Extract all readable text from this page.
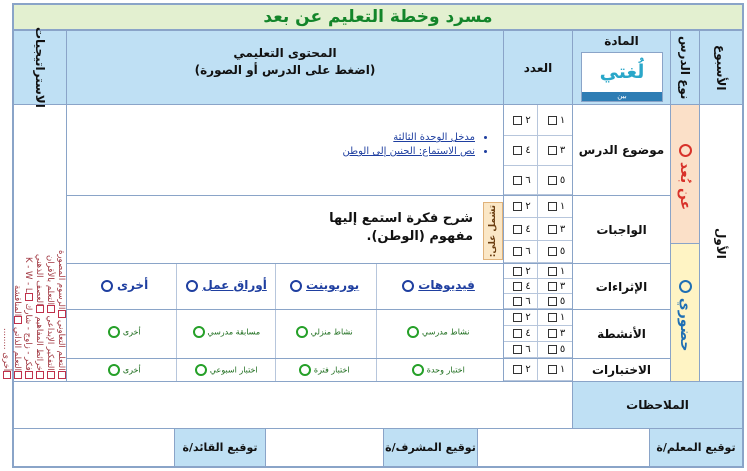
مسرد وخطة التعليم عن بعد
الأسبوع
نوع الدرس
المادة
لُغتي
بين
العدد
المحتوى التعليمي
(اضغط على الدرس أو الصورة)
الاستراتيجيات
الأول
عن بُعد
حضوري
موضوع الدرس
الواجبات
الإثراءات
الأنشطة
الاختبارات
١
٢
٣
٤
٥
٦
١
٢
٣
٤
٥
٦
١
٢
٣
٤
٥
٦
١
٢
٣
٤
٥
٦
١
٢
• مدخل الوحدة الثالثة
• نص الاستماع: الحنين إلى الوطن
تشمل على:
شرح فكرة استمع إليها
مفهوم (الوطن).
فيديوهات
بوربوينت
أوراق عمل
أخرى
نشاط مدرسي
نشاط منزلي
مسابقة مدرسي
أخرى
اختبار وحدة
اختبار فترة
اختبار اسبوعي
أخرى
التعلم التعاوني الرسوم المصورة
التفكير الإبداعي التعلم بالأقران
خرائط المفاهيم العصف الذهني
فكر - زاوج - شارك K - W - L
التعلم الذاتي المناقشة
أخرى ........
الملاحظات
توقيع المعلم/ة
توقيع المشرف/ة
توقيع القائد/ة
